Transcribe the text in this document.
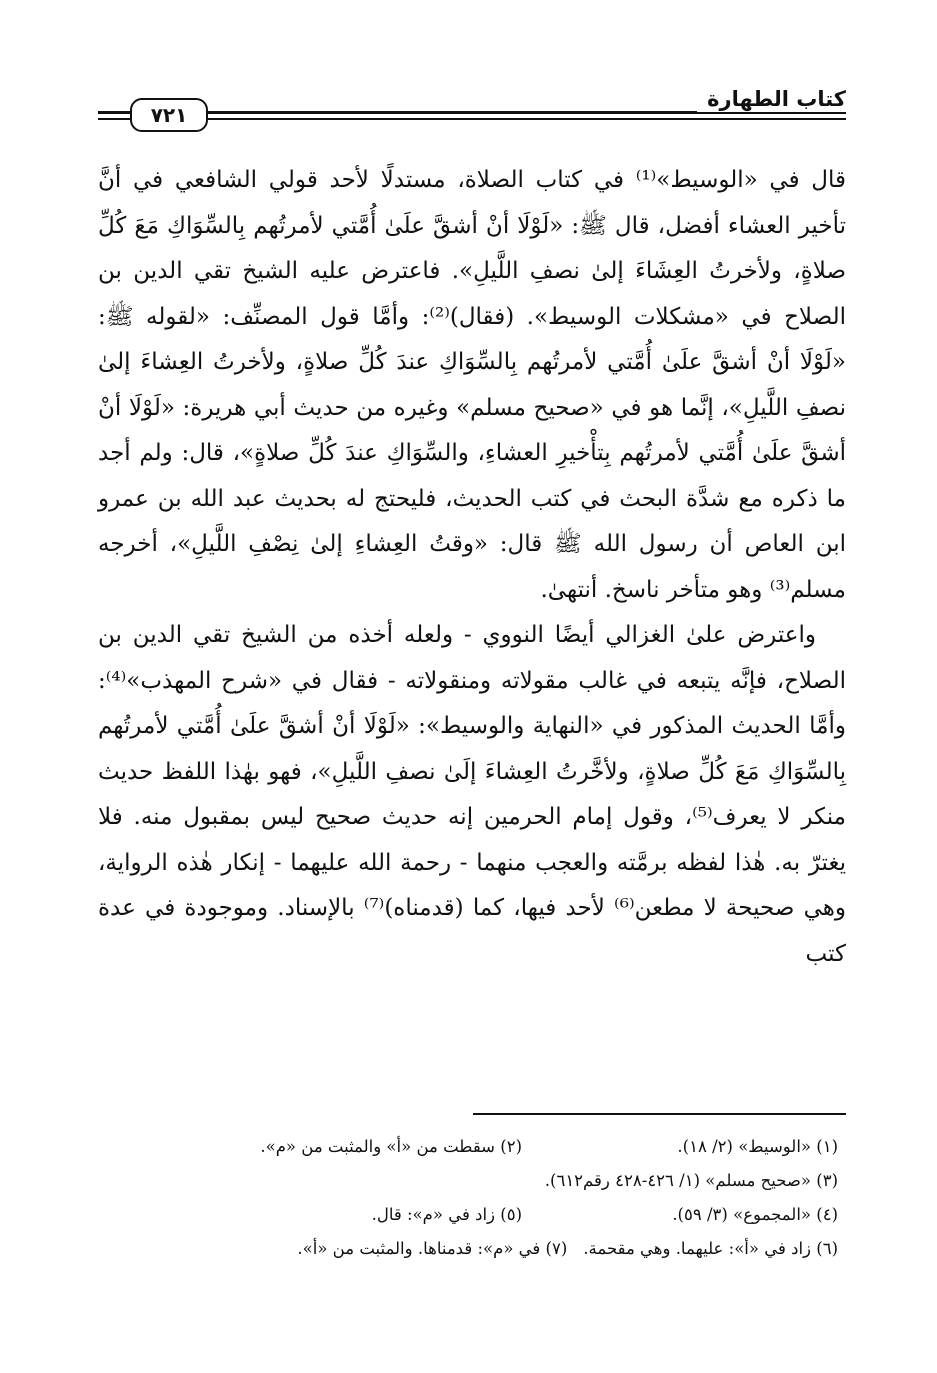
كتاب الطهارة
٧٢١

قال في «الوسيط»⁽¹⁾ في كتاب الصلاة، مستدلًا لأحد قولي الشافعي في أنَّ تأخير العشاء أفضل، قال ﷺ: «لَوْلَا أنْ أشقَّ علَىٰ أُمَّتي لأمرتُهم بِالسِّوَاكِ مَعَ كُلِّ صلاةٍ، ولأخرتُ العِشَاءَ إلىٰ نصفِ اللَّيلِ». فاعترض عليه الشيخ تقي الدين بن الصلاح في «مشكلات الوسيط». (فقال)⁽²⁾: وأمَّا قول المصنِّف: «لقوله ﷺ: «لَوْلَا أنْ أشقَّ علَىٰ أُمَّتي لأمرتُهم بِالسِّوَاكِ عندَ كُلِّ صلاةٍ، ولأخرتُ العِشاءَ إلىٰ نصفِ اللَّيلِ»، إنَّما هو في «صحيح مسلم» وغيره من حديث أبي هريرة: «لَوْلَا أنْ أشقَّ علَىٰ أُمَّتي لأمرتُهم بِتأْخيرِ العشاءِ، والسِّوَاكِ عندَ كُلِّ صلاةٍ»، قال: ولم أجد ما ذكره مع شدَّة البحث في كتب الحديث، فليحتج له بحديث عبد الله بن عمرو ابن العاص أن رسول الله ﷺ قال: «وقتُ العِشاءِ إلىٰ نِصْفِ اللَّيلِ»، أخرجه مسلم⁽³⁾ وهو متأخر ناسخ. أنتهىٰ.

واعترض علىٰ الغزالي أيضًا النووي - ولعله أخذه من الشيخ تقي الدين بن الصلاح، فإنَّه يتبعه في غالب مقولاته ومنقولاته - فقال في «شرح المهذب»⁽⁴⁾: وأمَّا الحديث المذكور في «النهاية والوسيط»: «لَوْلَا أنْ أشقَّ علَىٰ أُمَّتي لأمرتُهم بِالسِّوَاكِ مَعَ كُلِّ صلاةٍ، ولأخَّرتُ العِشاءَ إلَىٰ نصفِ اللَّيلِ»، فهو بهٰذا اللفظ حديث منكر لا يعرف⁽⁵⁾، وقول إمام الحرمين إنه حديث صحيح ليس بمقبول منه. فلا يغترّ به. هٰذا لفظه برمَّته والعجب منهما - رحمة الله عليهما - إنكار هٰذه الرواية، وهي صحيحة لا مطعن⁽⁶⁾ لأحد فيها، كما (قدمناه)⁽⁷⁾ بالإسناد. وموجودة في عدة كتب

(١) «الوسيط» (٢/ ١٨).
(٢) سقطت من «أ» والمثبت من «م».
(٣) «صحيح مسلم» (١/ ٤٢٦-٤٢٨ رقم٦١٢).
(٤) «المجموع» (٣/ ٥٩).
(٥) زاد في «م»: قال.
(٦) زاد في «أ»: عليهما. وهي مقحمة.
(٧) في «م»: قدمناها. والمثبت من «أ».
